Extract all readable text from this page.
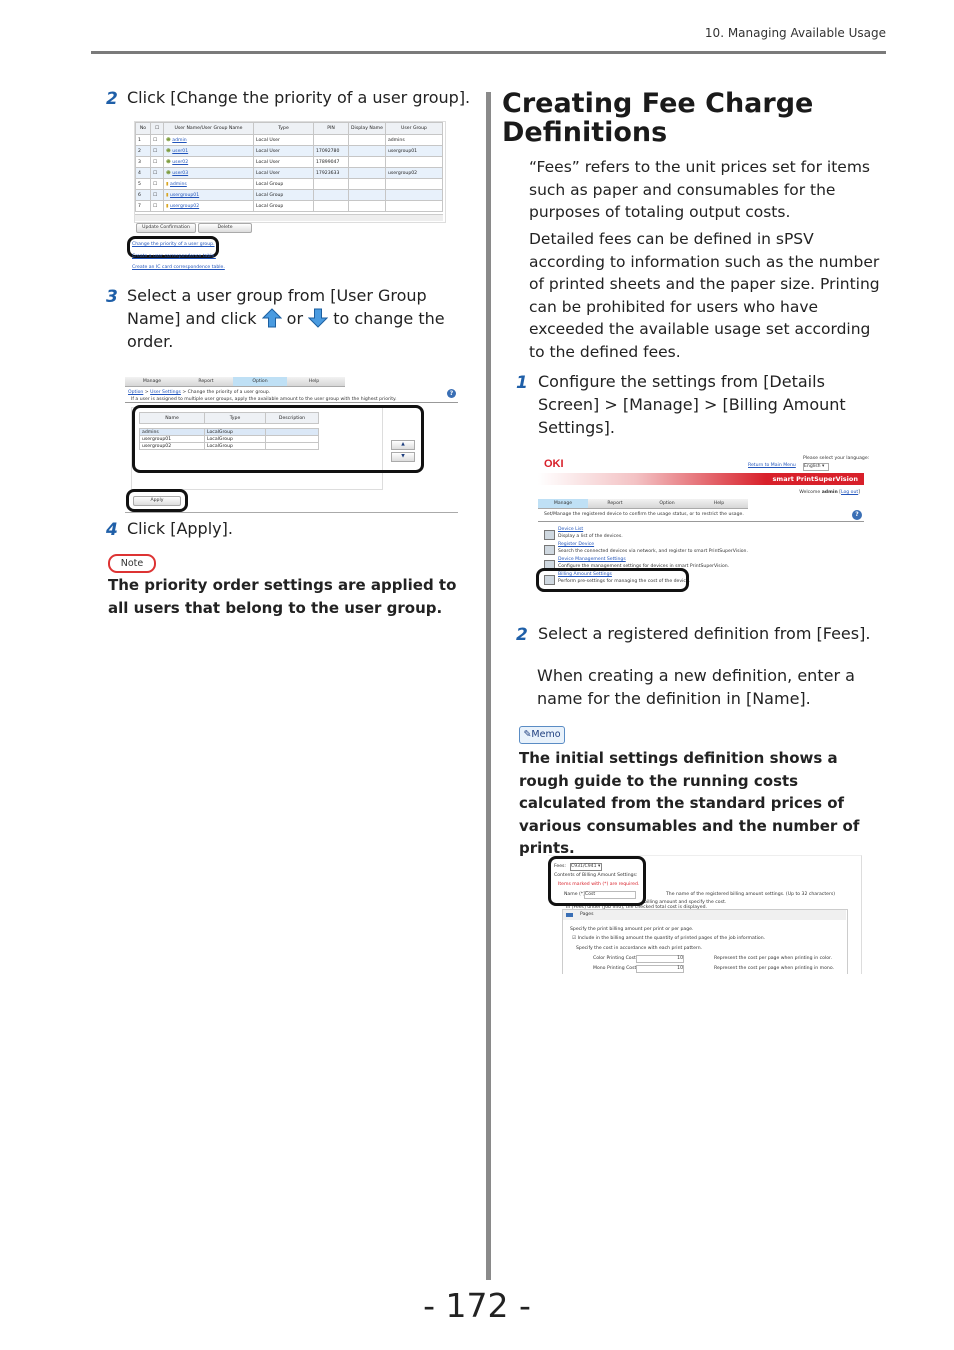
10. Managing Available Usage
2 Click [Change the priority of a user group].
No	☐	User Name/User Group Name	Type	PIN	Display Name	User Group
1	☐	☻ admin	Local User			admins
2	☐	☻ user01	Local User	17092780		usergroup01
3	☐	☻ user02	Local User	17899047		
4	☐	☻ user03	Local User	17923633		usergroup02
5	☐	▮ admins	Local Group			
6	☐	▮ usergroup01	Local Group			
7	☐	▮ usergroup02	Local Group			
Update Confirmation	Delete
Change the priority of a user group.
Create a user correspondence table.
Create an IC card correspondence table.
3 Select a user group from [User Group Name] and click or to change the order.
Manage	Report	Option	Help
Option > User Settings > Change the priority of a user group.	?
If a user is assigned to multiple user groups, apply the available amount to the user group with the highest priority.
Name	Type	Description

admins	LocalGroup	
usergroup01	LocalGroup	
usergroup02	LocalGroup		▲
▼
Apply
4 Click [Apply].
Note
The priority order settings are applied to all users that belong to the user group.
Creating Fee Charge Definitions
“Fees” refers to the unit prices set for items such as paper and consumables for the purposes of totaling output costs.
Detailed fees can be defined in sPSV according to information such as the number of printed sheets and the paper size. Printing can be prohibited for users who have exceeded the available usage set according to the defined fees.
1 Configure the settings from [Details Screen] > [Manage] > [Billing Amount Settings].
OKI	Return to Main Menu
Please select your language:
English ▾
smart PrintSuperVision
Welcome admin [Log out]
Manage	Report	Option	Help
Set/Manage the registered device to confirm the usage status, or to restrict the usage.	?
Device List
Display a list of the devices.
Register Device
Search the connected devices via network, and register to smart PrintSuperVision.
Device Management Settings
Configure the management settings for devices in smart PrintSuperVision.
Billing Amount Settings
Perform pre-settings for managing the cost of the device.
2 Select a registered definition from [Fees].
When creating a new definition, enter a name for the definition in [Name].
✎Memo
The initial settings definition shows a rough guide to the running costs calculated from the standard prices of various consumables and the number of prints.
Fees: C931/C941 ▾
Contents of Billing Amount Settings:
Items marked with (*) are required.
Name (*) Cost	The name of the registered billing amount settings. (Up to 32 characters)
billing amount and specify the cost.
In [Fees] under [Job Info], the checked total cost is displayed.
Pages
Specify the print billing amount per print or per page.
☑ Include in the billing amount the quantity of printed pages of the job information.
Specify the cost in accordance with each print pattern.
Color Printing Cost	10	Represent the cost per page when printing in color.
Mono Printing Cost	10	Represent the cost per page when printing in mono.
- 172 -
